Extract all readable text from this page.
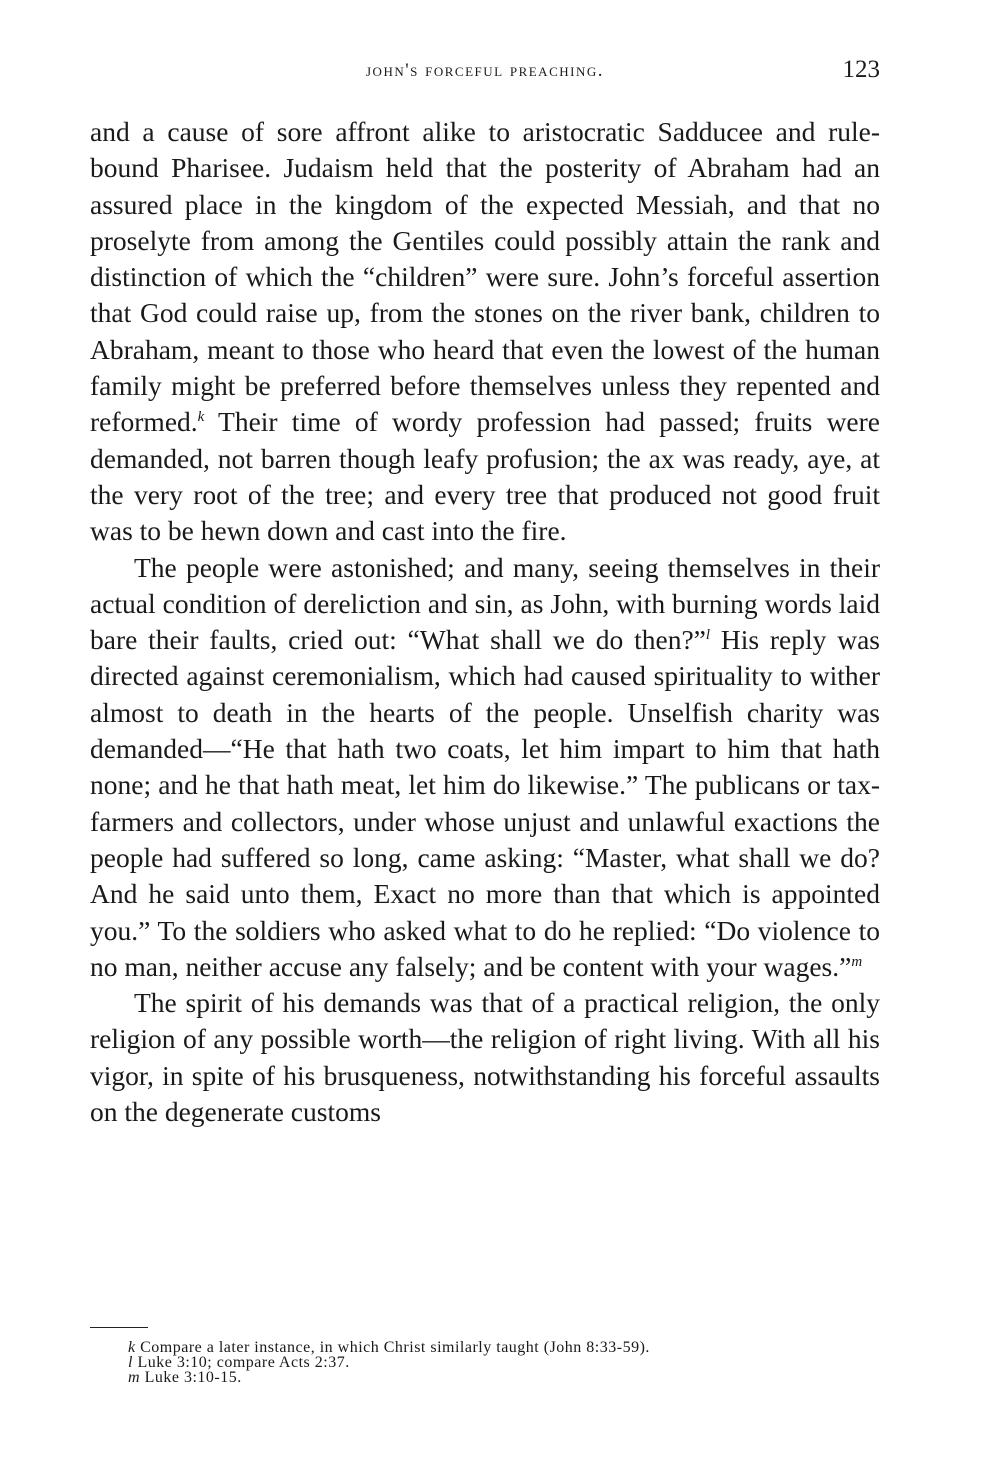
john's forceful preaching.	123

and a cause of sore affront alike to aristocratic Sadducee and rule-bound Pharisee. Judaism held that the posterity of Abraham had an assured place in the kingdom of the expected Messiah, and that no proselyte from among the Gentiles could possibly attain the rank and distinction of which the “children” were sure. John’s forceful assertion that God could raise up, from the stones on the river bank, children to Abraham, meant to those who heard that even the lowest of the human family might be preferred before themselves unless they repented and reformed.$^k$ Their time of wordy profession had passed; fruits were demanded, not barren though leafy profusion; the ax was ready, aye, at the very root of the tree; and every tree that produced not good fruit was to be hewn down and cast into the fire.

The people were astonished; and many, seeing themselves in their actual condition of dereliction and sin, as John, with burning words laid bare their faults, cried out: “What shall we do then?”$^l$ His reply was directed against ceremonialism, which had caused spirituality to wither almost to death in the hearts of the people. Unselfish charity was demanded—“He that hath two coats, let him impart to him that hath none; and he that hath meat, let him do likewise.” The publicans or tax-farmers and collectors, under whose unjust and unlawful exactions the people had suffered so long, came asking: “Master, what shall we do? And he said unto them, Exact no more than that which is appointed you.” To the soldiers who asked what to do he replied: “Do violence to no man, neither accuse any falsely; and be content with your wages.”$^m$

The spirit of his demands was that of a practical religion, the only religion of any possible worth—the religion of right living. With all his vigor, in spite of his brusqueness, notwithstanding his forceful assaults on the degenerate customs

k Compare a later instance, in which Christ similarly taught (John 8:33-59).

l Luke 3:10; compare Acts 2:37.

m Luke 3:10-15.
